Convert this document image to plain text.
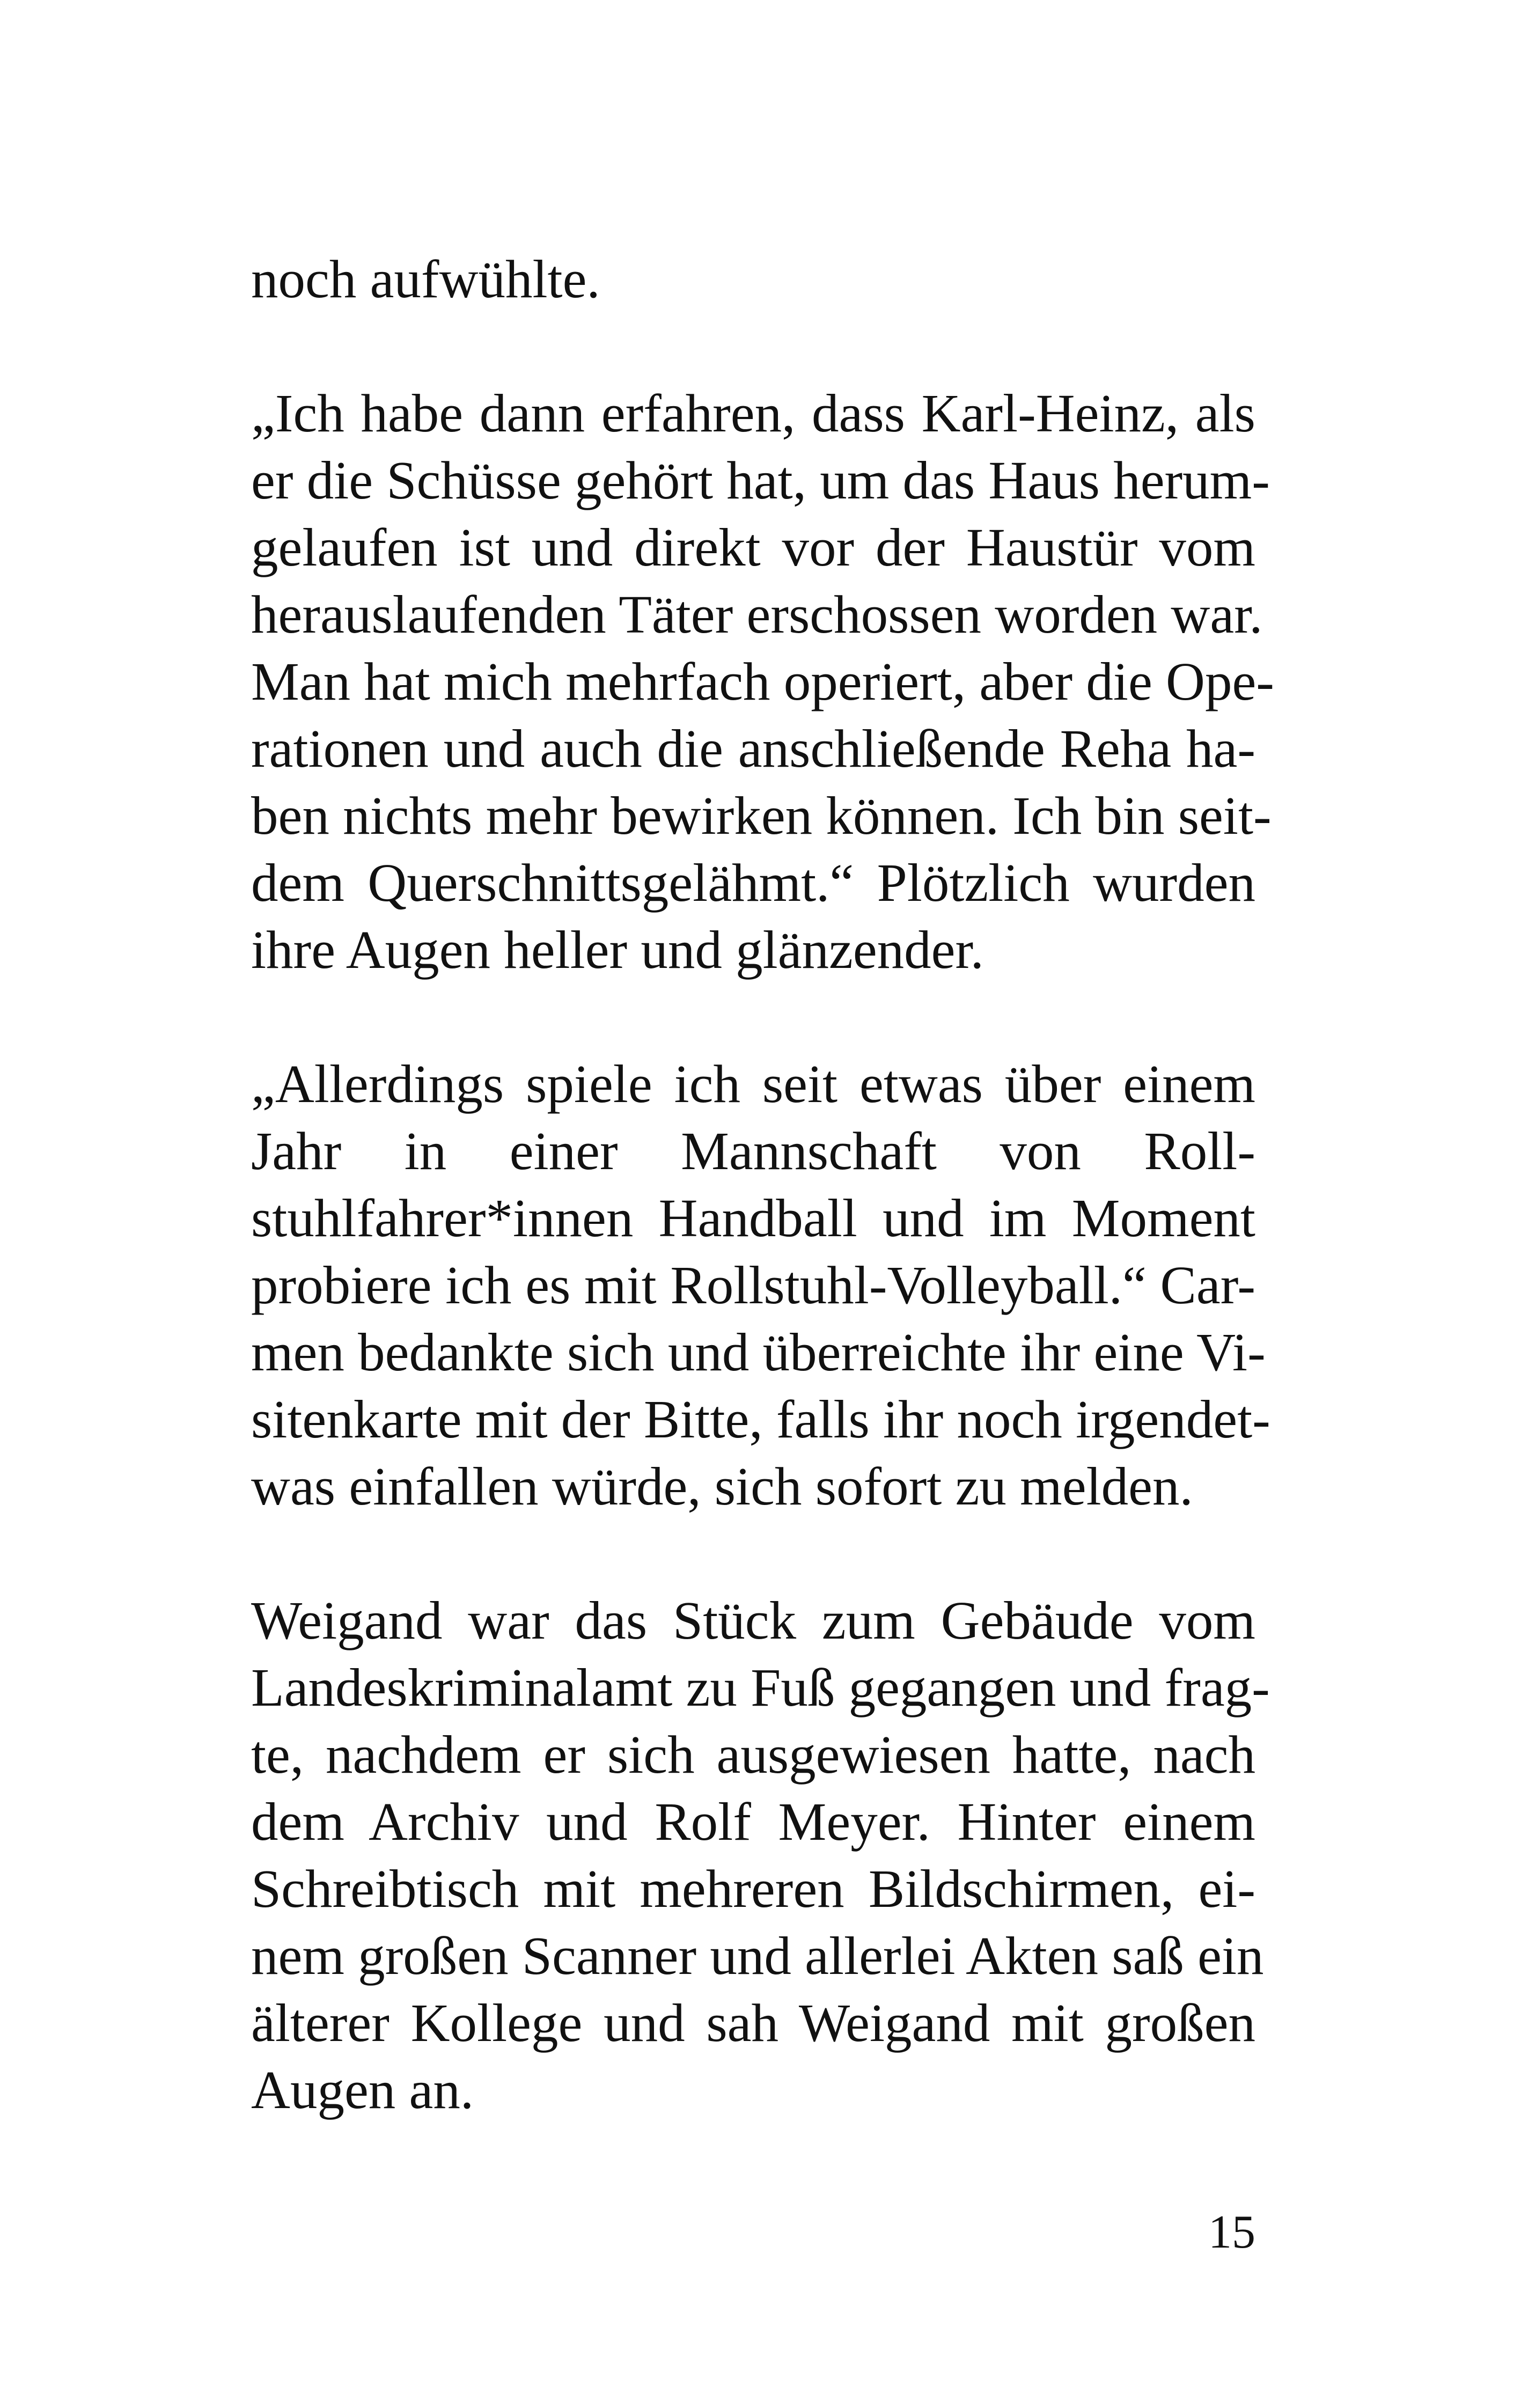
noch aufwühlte.

„Ich habe dann erfahren, dass Karl-Heinz, als
er die Schüsse gehört hat, um das Haus herum-
gelaufen ist und direkt vor der Haustür vom
herauslaufenden Täter erschossen worden war.
Man hat mich mehrfach operiert, aber die Ope-
rationen und auch die anschließende Reha ha-
ben nichts mehr bewirken können. Ich bin seit-
dem Querschnittsgelähmt.“ Plötzlich wurden
ihre Augen heller und glänzender.

„Allerdings spiele ich seit etwas über einem
Jahr in einer Mannschaft von Roll-
stuhlfahrer*innen Handball und im Moment
probiere ich es mit Rollstuhl-Volleyball.“ Car-
men bedankte sich und überreichte ihr eine Vi-
sitenkarte mit der Bitte, falls ihr noch irgendet-
was einfallen würde, sich sofort zu melden.

Weigand war das Stück zum Gebäude vom
Landeskriminalamt zu Fuß gegangen und frag-
te, nachdem er sich ausgewiesen hatte, nach
dem Archiv und Rolf Meyer. Hinter einem
Schreibtisch mit mehreren Bildschirmen, ei-
nem großen Scanner und allerlei Akten saß ein
älterer Kollege und sah Weigand mit großen
Augen an.

15
